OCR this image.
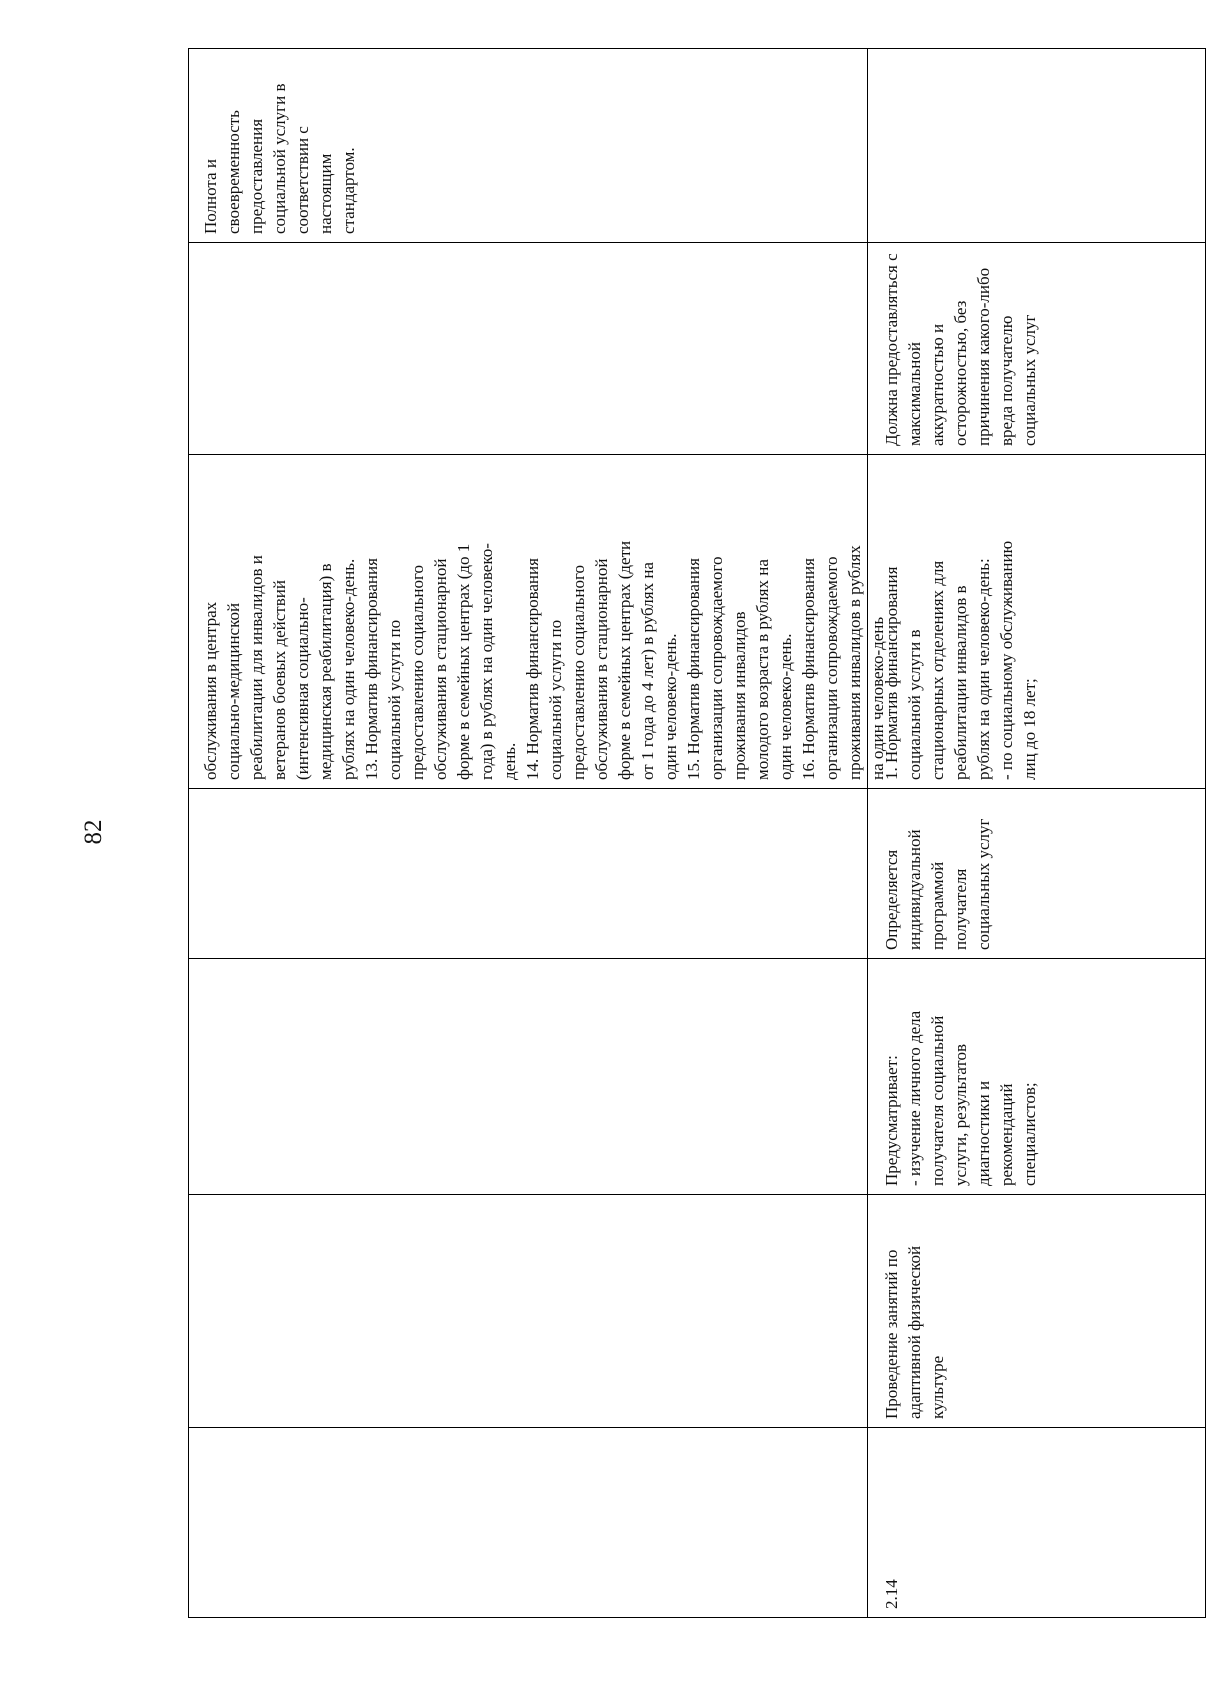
82
обслуживания в центрах
социально-медицинской
реабилитации для инвалидов и
ветеранов боевых действий
(интенсивная социально-
медицинская реабилитация) в
рублях на один человеко-день.
13. Норматив финансирования
социальной услуги по
предоставлению социального
обслуживания в стационарной
форме в семейных центрах (до 1
года) в рублях на один человеко-
день.
14. Норматив финансирования
социальной услуги по
предоставлению социального
обслуживания в стационарной
форме в семейных центрах (дети
от 1 года до 4 лет) в рублях на
один человеко-день.
15. Норматив финансирования
организации сопровождаемого
проживания инвалидов
молодого возраста в рублях на
один человеко-день.
16. Норматив финансирования
организации сопровождаемого
проживания инвалидов в рублях
на один человеко-день
Полнота и
своевременность
предоставления
социальной услуги в
соответствии с
настоящим
стандартом.
2.14
Проведение занятий по
адаптивной физической
культуре
Предусматривает:
- изучение личного дела
получателя социальной
услуги, результатов
диагностики и
рекомендаций
специалистов;
Определяется
индивидуальной
программой
получателя
социальных услуг
1. Норматив финансирования
социальной услуги в
стационарных отделениях для
реабилитации инвалидов в
рублях на один человеко-день:
- по социальному обслуживанию
лиц до 18 лет;
Должна предоставляться с
максимальной
аккуратностью и
осторожностью, без
причинения какого-либо
вреда получателю
социальных услуг
